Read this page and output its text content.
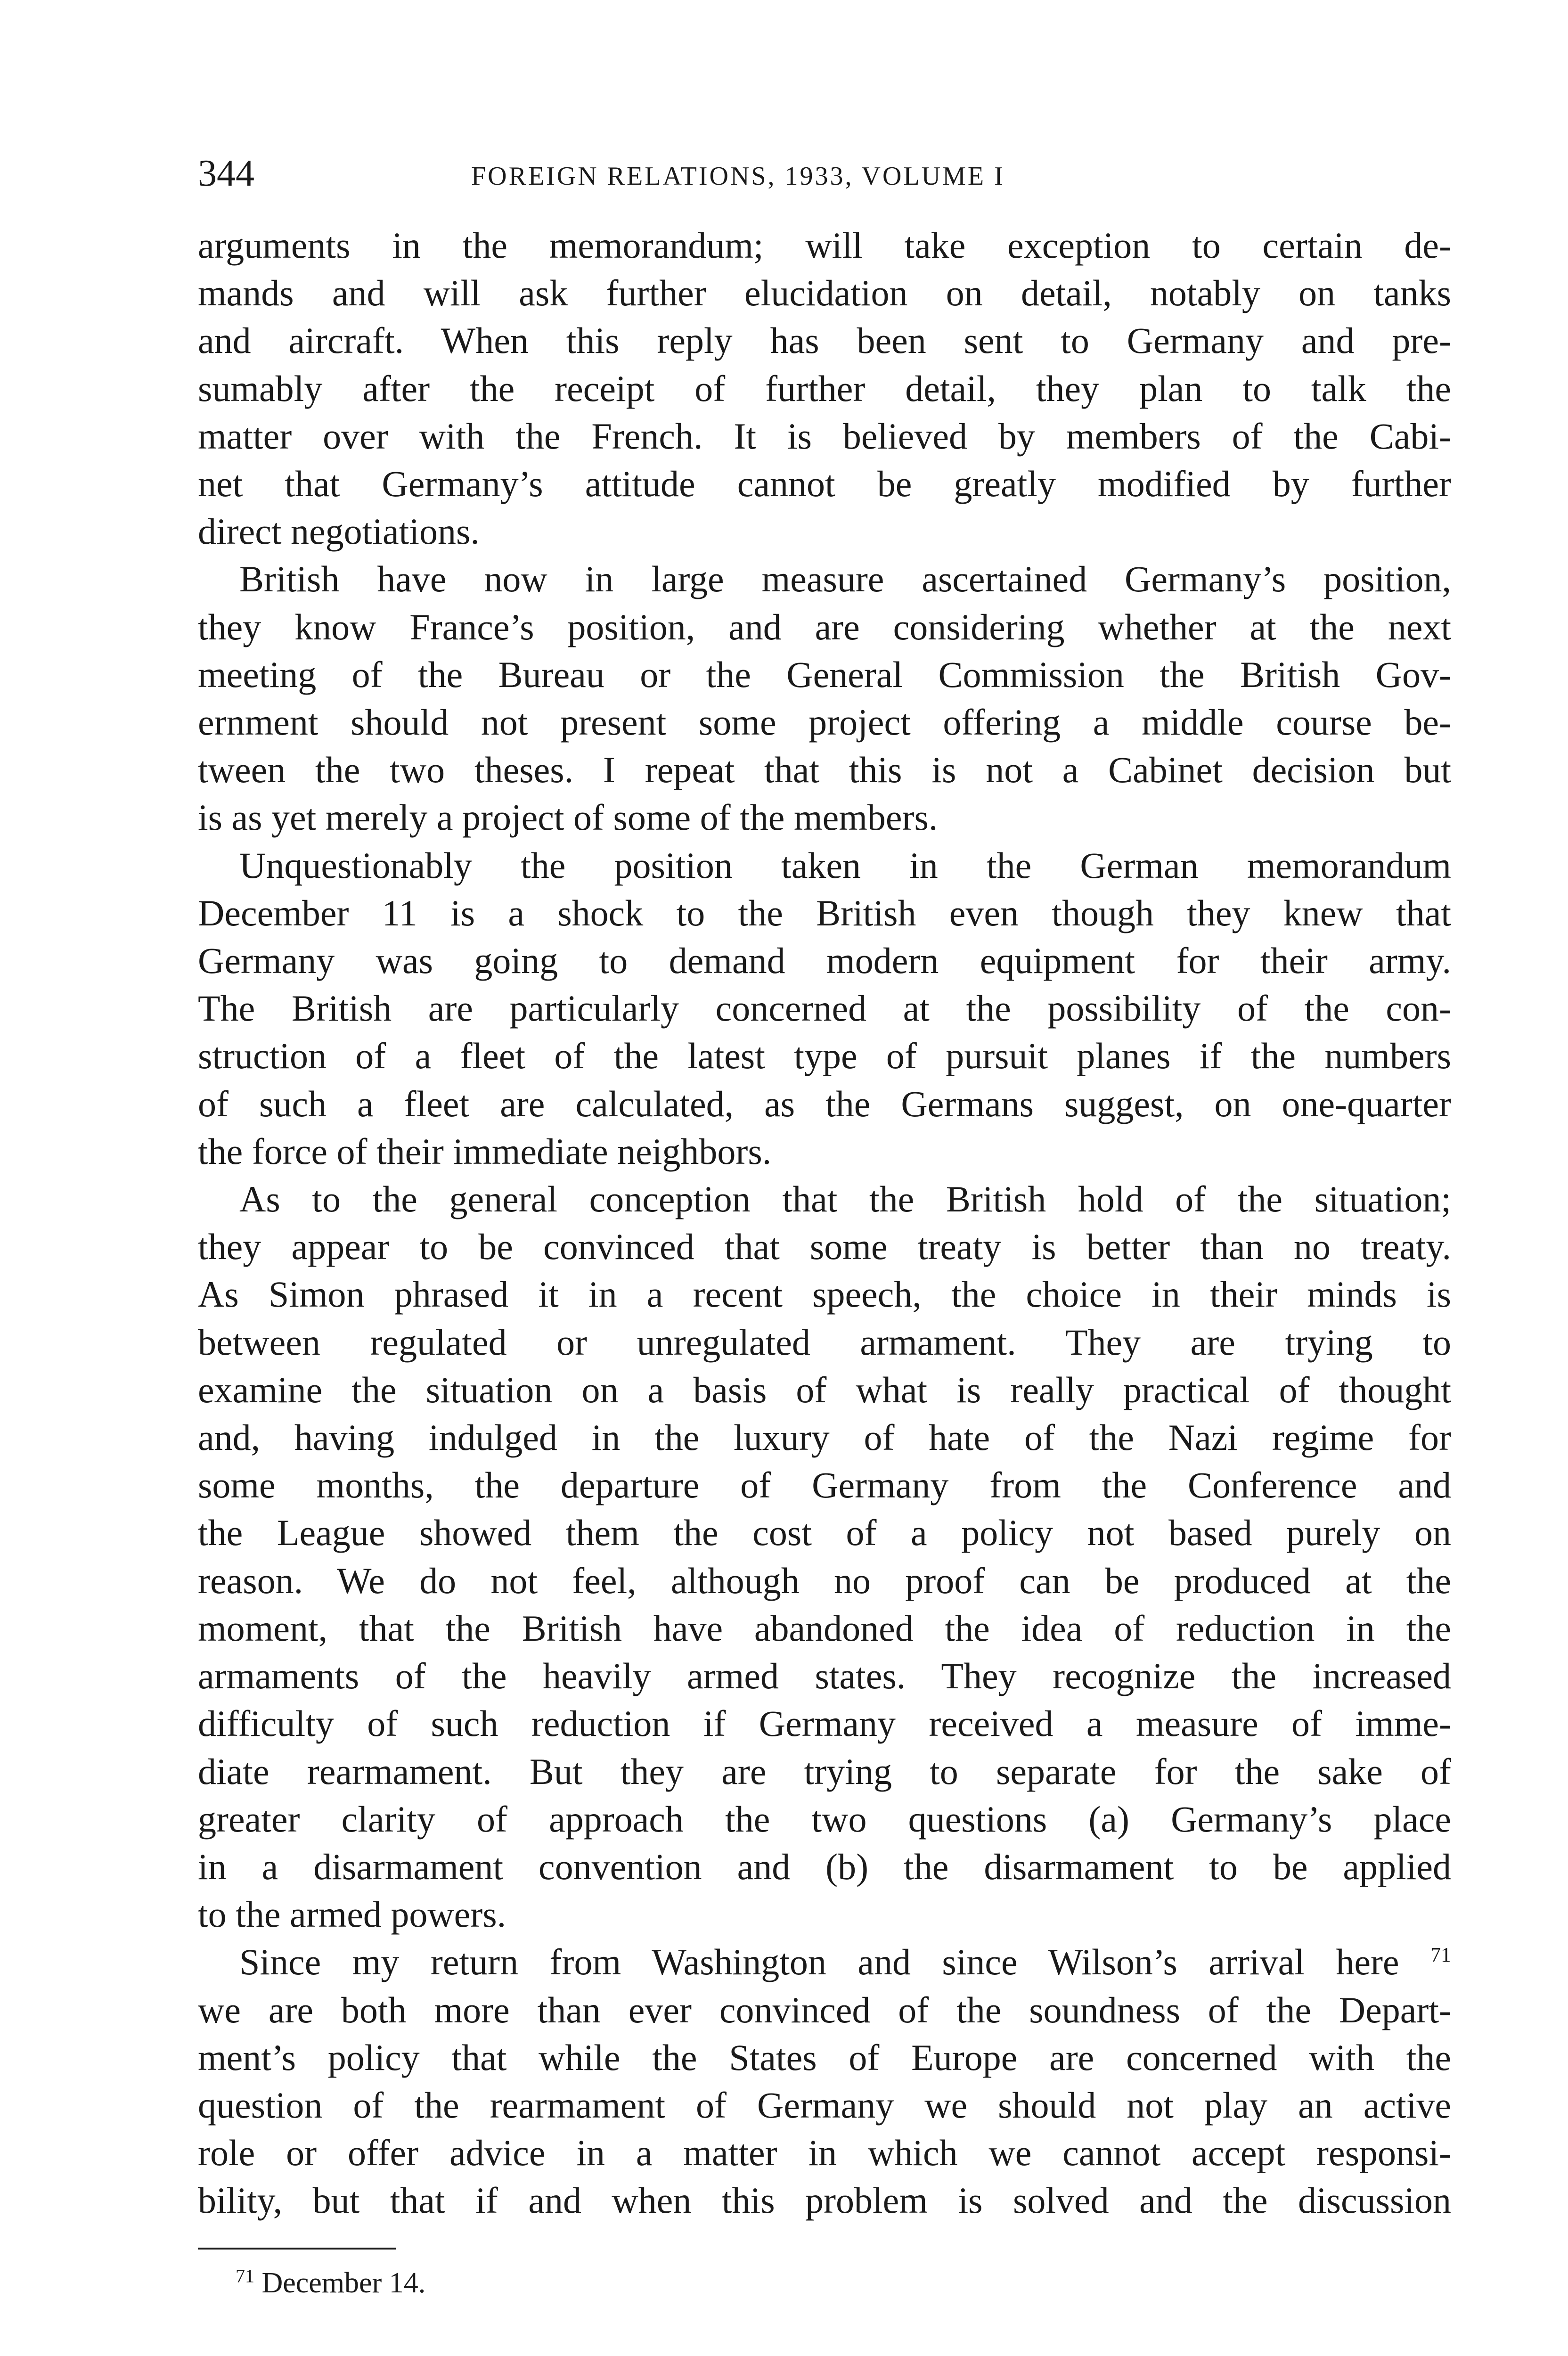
344	FOREIGN RELATIONS, 1933, VOLUME I
arguments in the memorandum; will take exception to certain de-
mands and will ask further elucidation on detail, notably on tanks
and aircraft. When this reply has been sent to Germany and pre-
sumably after the receipt of further detail, they plan to talk the
matter over with the French. It is believed by members of the Cabi-
net that Germany’s attitude cannot be greatly modified by further
direct negotiations.
British have now in large measure ascertained Germany’s position,
they know France’s position, and are considering whether at the next
meeting of the Bureau or the General Commission the British Gov-
ernment should not present some project offering a middle course be-
tween the two theses. I repeat that this is not a Cabinet decision but
is as yet merely a project of some of the members.
Unquestionably the position taken in the German memorandum
December 11 is a shock to the British even though they knew that
Germany was going to demand modern equipment for their army.
The British are particularly concerned at the possibility of the con-
struction of a fleet of the latest type of pursuit planes if the numbers
of such a fleet are calculated, as the Germans suggest, on one-quarter
the force of their immediate neighbors.
As to the general conception that the British hold of the situation;
they appear to be convinced that some treaty is better than no treaty.
As Simon phrased it in a recent speech, the choice in their minds is
between regulated or unregulated armament. They are trying to
examine the situation on a basis of what is really practical of thought
and, having indulged in the luxury of hate of the Nazi regime for
some months, the departure of Germany from the Conference and
the League showed them the cost of a policy not based purely on
reason. We do not feel, although no proof can be produced at the
moment, that the British have abandoned the idea of reduction in the
armaments of the heavily armed states. They recognize the increased
difficulty of such reduction if Germany received a measure of imme-
diate rearmament. But they are trying to separate for the sake of
greater clarity of approach the two questions (a) Germany’s place
in a disarmament convention and (b) the disarmament to be applied
to the armed powers.
Since my return from Washington and since Wilson’s arrival here $^{71}$
we are both more than ever convinced of the soundness of the Depart-
ment’s policy that while the States of Europe are concerned with the
question of the rearmament of Germany we should not play an active
role or offer advice in a matter in which we cannot accept responsi-
bility, but that if and when this problem is solved and the discussion
$^{71}$ December 14.
